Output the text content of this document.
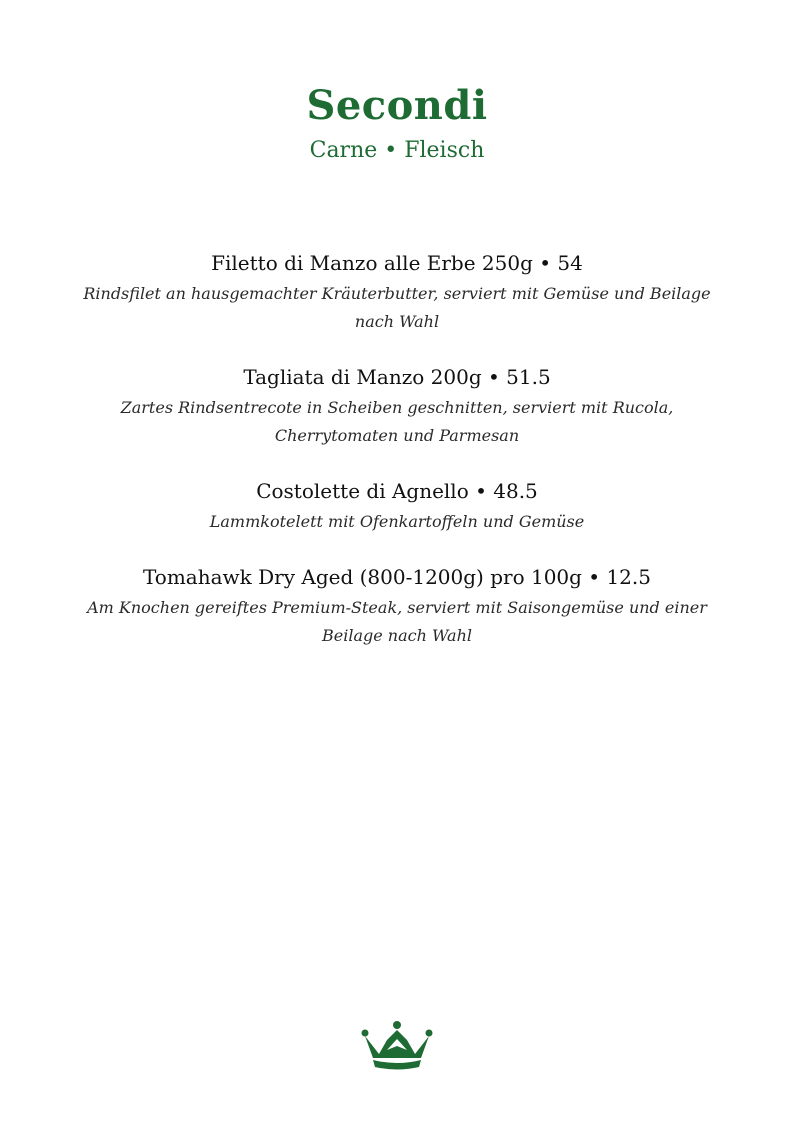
Secondi
Carne • Fleisch
Filetto di Manzo alle Erbe 250g • 54
Rindsfilet an hausgemachter Kräuterbutter, serviert mit Gemüse und Beilage nach Wahl
Tagliata di Manzo 200g • 51.5
Zartes Rindsentrecote in Scheiben geschnitten, serviert mit Rucola, Cherrytomaten und Parmesan
Costolette di Agnello • 48.5
Lammkotelett mit Ofenkartoffeln und Gemüse
Tomahawk Dry Aged (800-1200g) pro 100g • 12.5
Am Knochen gereiftes Premium-Steak, serviert mit Saisongemüse und einer Beilage nach Wahl
